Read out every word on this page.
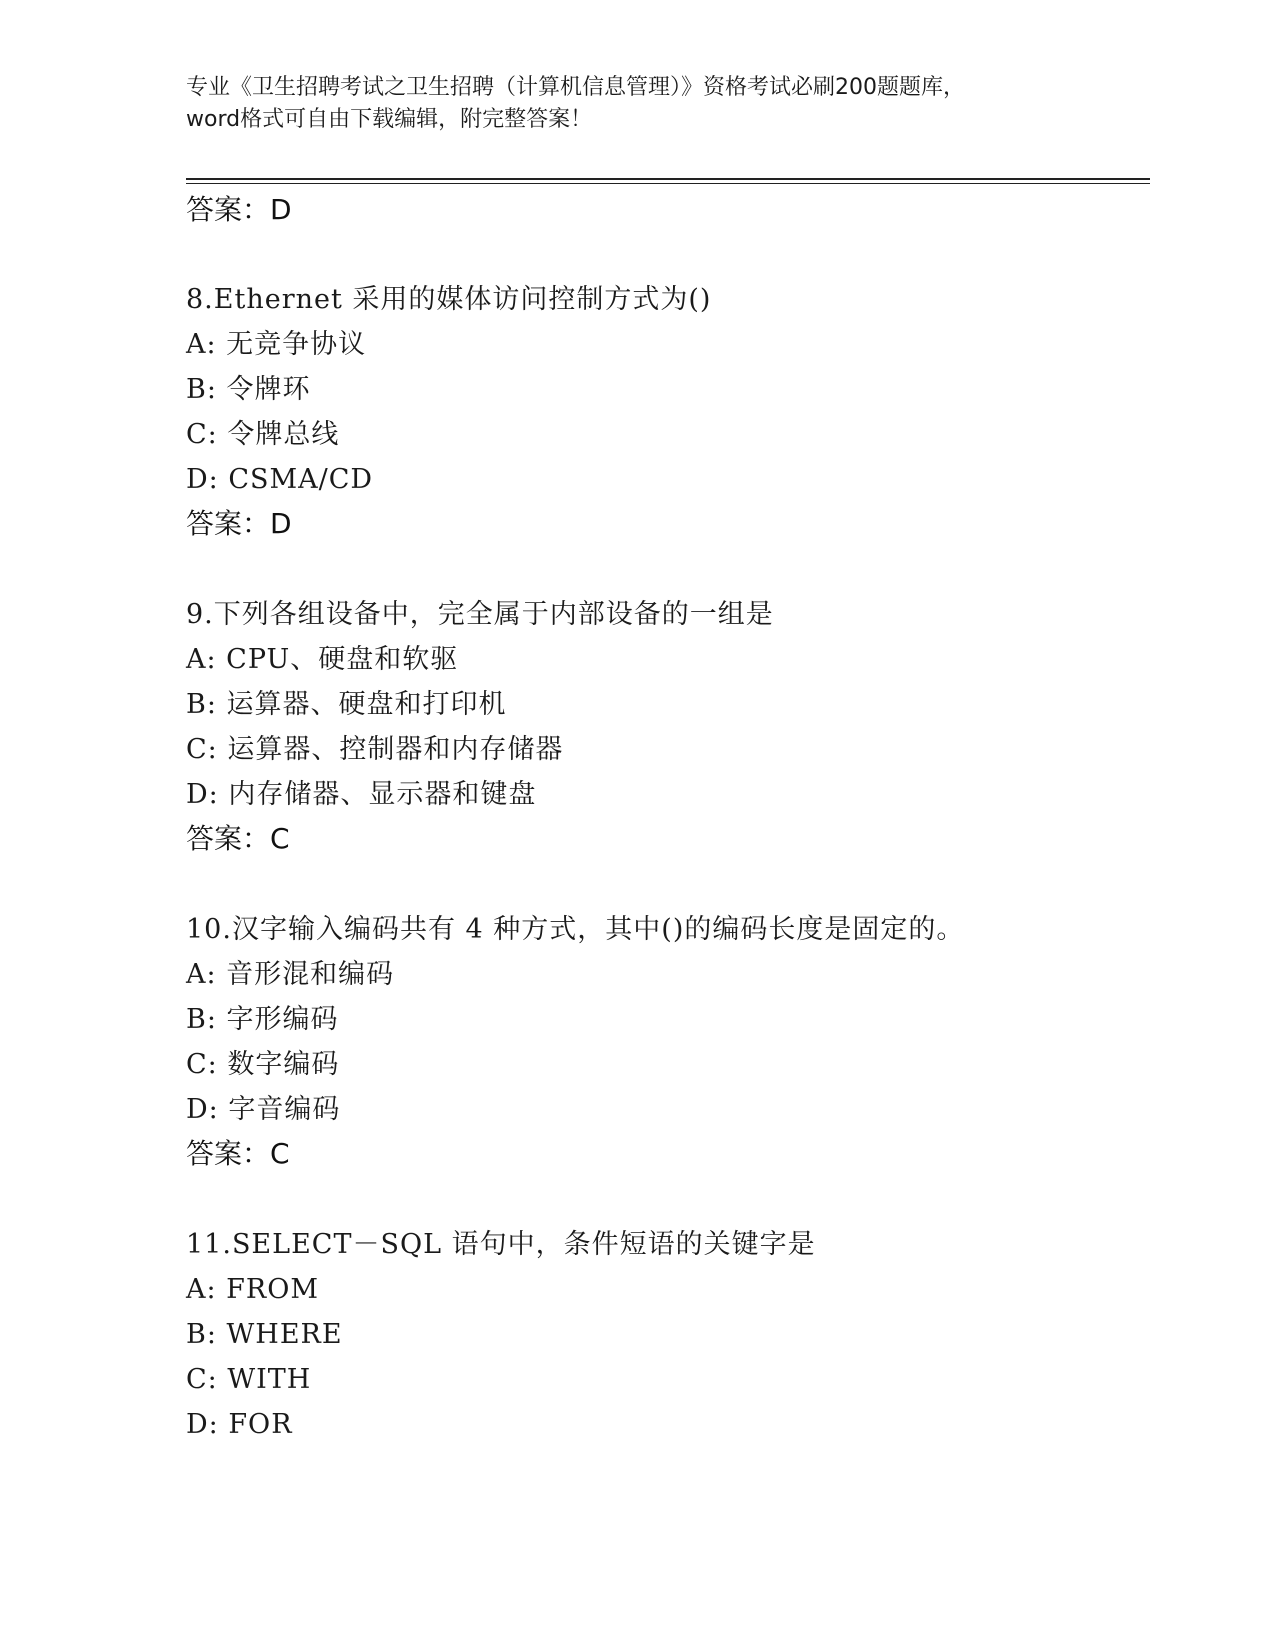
专业《卫生招聘考试之卫生招聘（计算机信息管理）》资格考试必刷200题题库，
word格式可自由下载编辑，附完整答案！
答案：D
8.Ethernet 采用的媒体访问控制方式为()
A: 无竞争协议
B: 令牌环
C: 令牌总线
D: CSMA/CD
答案：D
9.下列各组设备中，完全属于内部设备的一组是
A: CPU、硬盘和软驱
B: 运算器、硬盘和打印机
C: 运算器、控制器和内存储器
D: 内存储器、显示器和键盘
答案：C
10.汉字输入编码共有 4 种方式，其中()的编码长度是固定的。
A: 音形混和编码
B: 字形编码
C: 数字编码
D: 字音编码
答案：C
11.SELECT－SQL 语句中，条件短语的关键字是
A: FROM
B: WHERE
C: WITH
D: FOR
